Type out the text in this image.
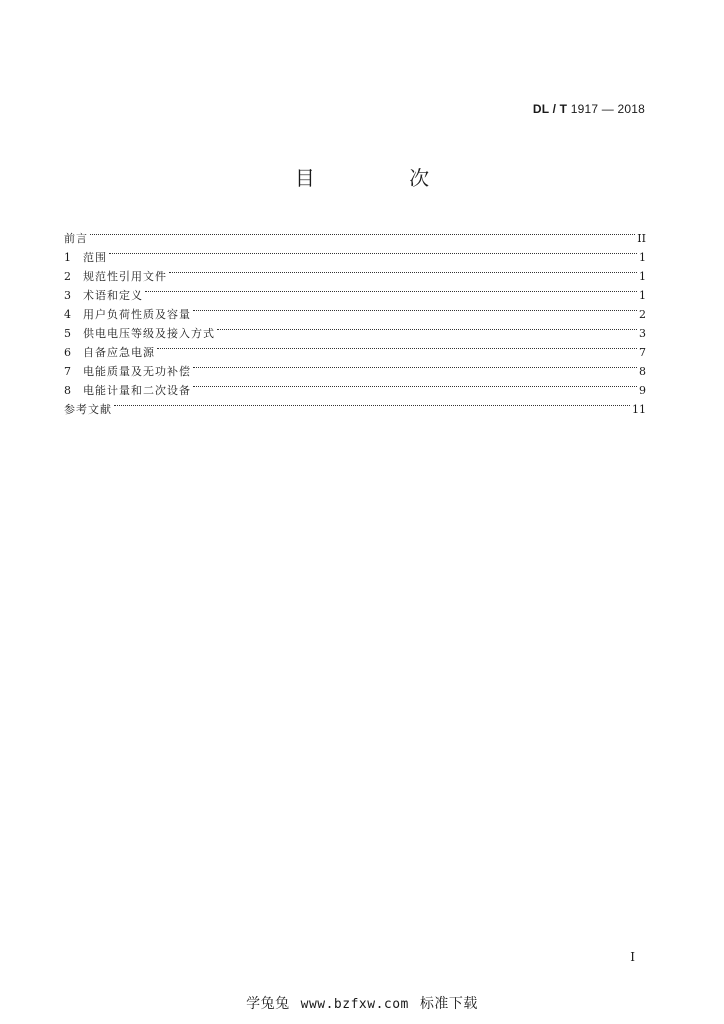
DL / T 1917 — 2018
目 次
前言	II
1	范围	1
2	规范性引用文件	1
3	术语和定义	1
4	用户负荷性质及容量	2
5	供电电压等级及接入方式	3
6	自备应急电源	7
7	电能质量及无功补偿	8
8	电能计量和二次设备	9
参考文献	11
I
学兔兔 www.bzfxw.com 标准下载
